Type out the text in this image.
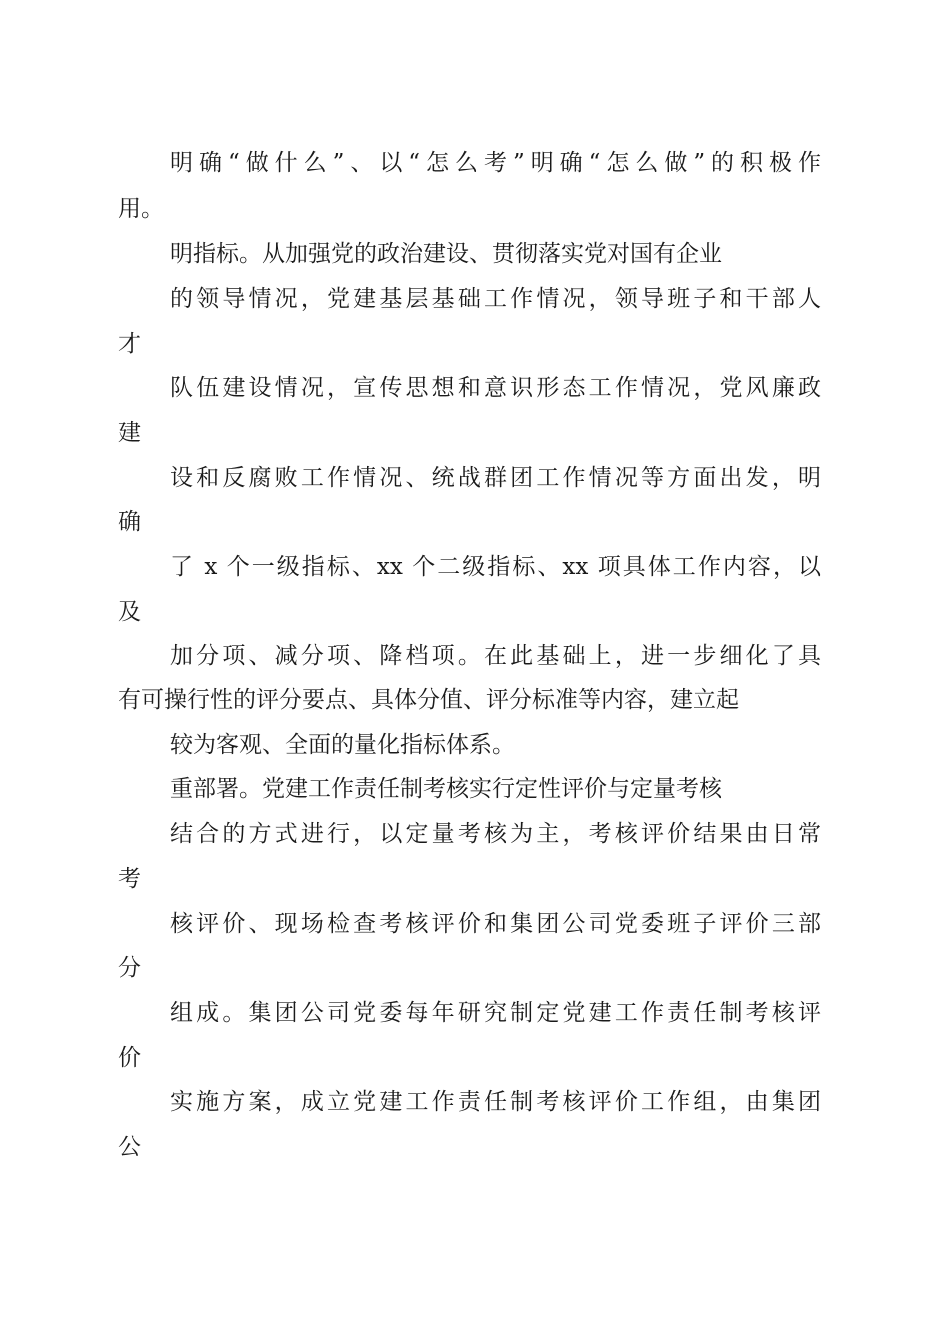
明确“做什么”、以“怎么考”明确“怎么做”的积极作
用。
明指标。从加强党的政治建设、贯彻落实党对国有企业
的领导情况，党建基层基础工作情况，领导班子和干部人
才
队伍建设情况，宣传思想和意识形态工作情况，党风廉政
建
设和反腐败工作情况、统战群团工作情况等方面出发，明
确
了 x 个一级指标、xx 个二级指标、xx 项具体工作内容，以
及
加分项、减分项、降档项。在此基础上，进一步细化了具
有可操行性的评分要点、具体分值、评分标准等内容，建立起
较为客观、全面的量化指标体系。
重部署。党建工作责任制考核实行定性评价与定量考核
结合的方式进行，以定量考核为主，考核评价结果由日常
考
核评价、现场检查考核评价和集团公司党委班子评价三部
分
组成。集团公司党委每年研究制定党建工作责任制考核评
价
实施方案，成立党建工作责任制考核评价工作组，由集团
公
